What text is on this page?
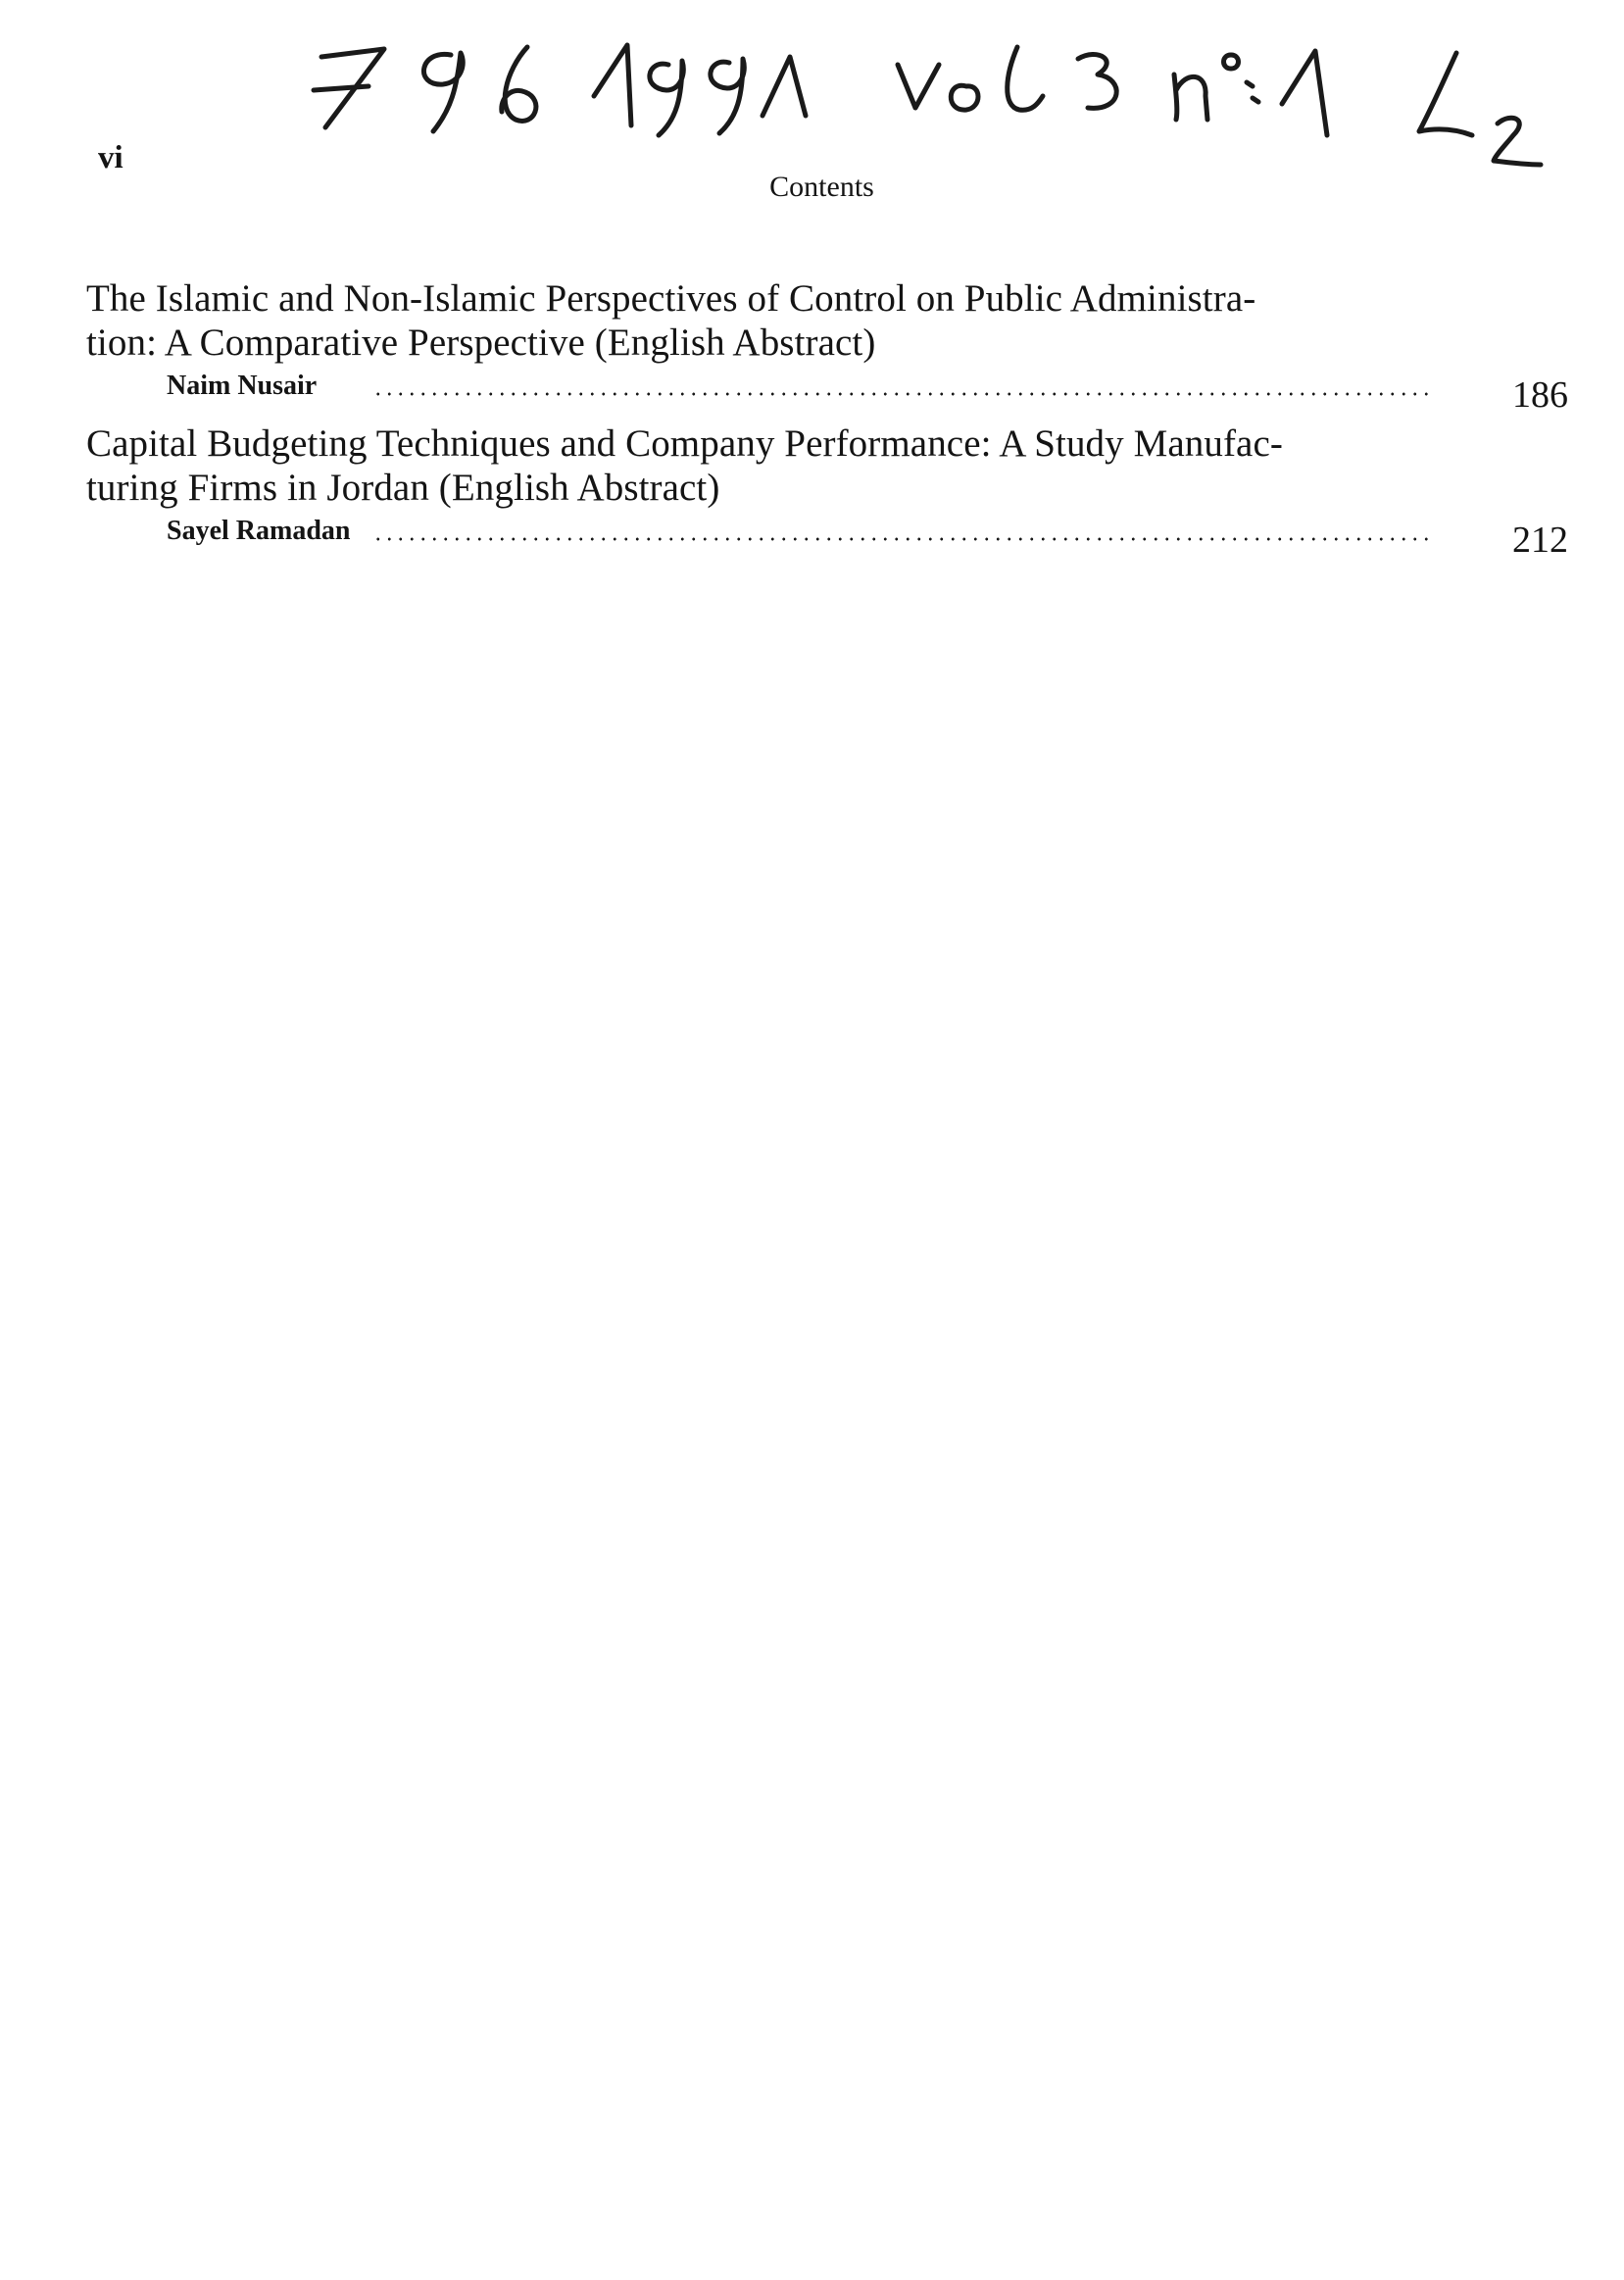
vi
Contents
The Islamic and Non-Islamic Perspectives of Control on Public Administra-
tion: A Comparative Perspective (English Abstract)
Naim Nusair	186
Capital Budgeting Techniques and Company Performance: A Study Manufac-
turing Firms in Jordan (English Abstract)
Sayel Ramadan	212
